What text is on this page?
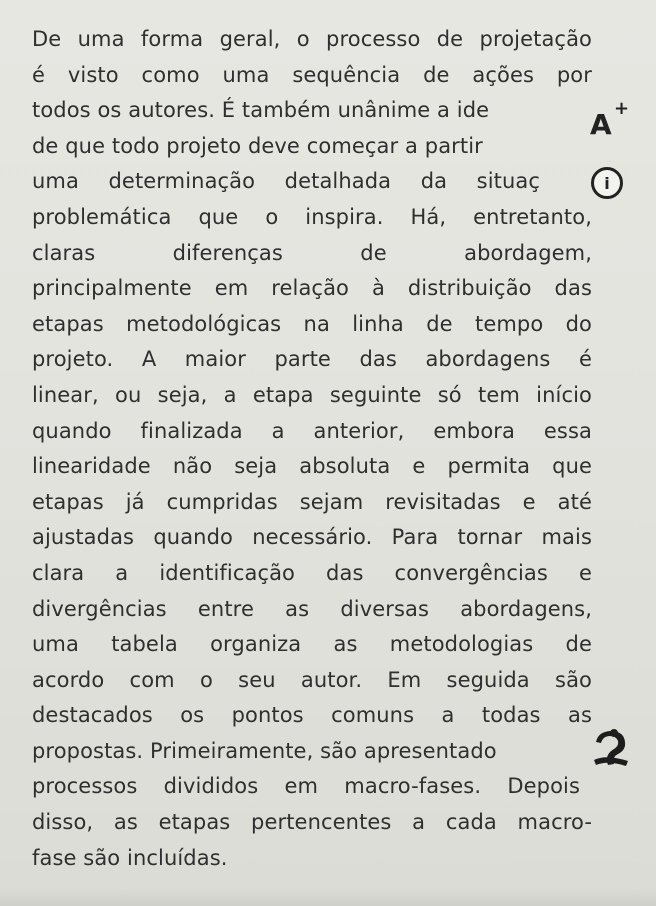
De uma forma geral, o processo de projetação
é visto como uma sequência de ações por
todos os autores. É também unânime a ide
de que todo projeto deve começar a partir
uma determinação detalhada da situaç
problemática que o inspira. Há, entretanto,
claras diferenças de abordagem,
principalmente em relação à distribuição das
etapas metodológicas na linha de tempo do
projeto. A maior parte das abordagens é
linear, ou seja, a etapa seguinte só tem início
quando finalizada a anterior, embora essa
linearidade não seja absoluta e permita que
etapas já cumpridas sejam revisitadas e até
ajustadas quando necessário. Para tornar mais
clara a identificação das convergências e
divergências entre as diversas abordagens,
uma tabela organiza as metodologias de
acordo com o seu autor. Em seguida são
destacados os pontos comuns a todas as
propostas. Primeiramente, são apresentado
processos divididos em macro-fases. Depois
disso, as etapas pertencentes a cada macro-
fase são incluídas.
A +
i
